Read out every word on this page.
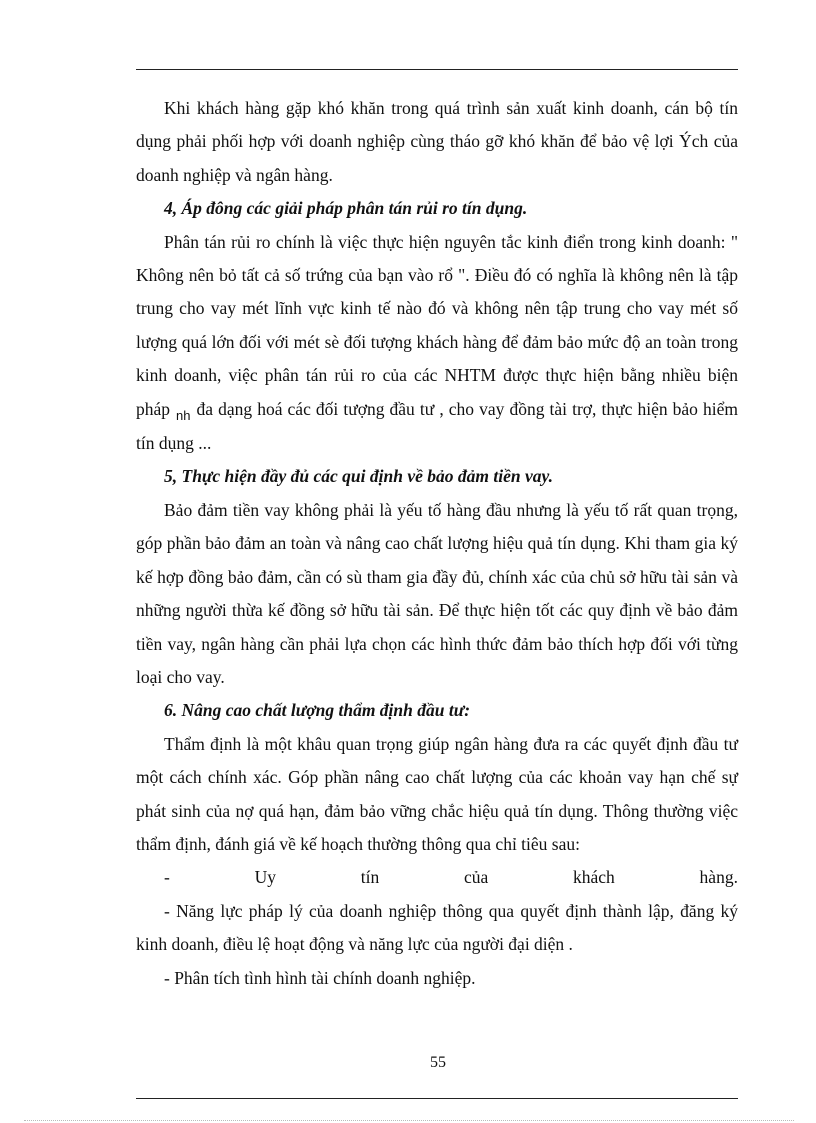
Khi khách hàng gặp khó khăn trong quá trình sản xuất kinh doanh, cán bộ tín dụng phải phối hợp với doanh nghiệp cùng tháo gỡ khó khăn để bảo vệ lợi Ých của doanh nghiệp và ngân hàng.

4, Áp đông các giải pháp phân tán rủi ro tín dụng.

Phân tán rủi ro chính là việc thực hiện nguyên tắc kinh điển trong kinh doanh: " Không nên bỏ tất cả số trứng của bạn vào rổ ". Điều đó có nghĩa là không nên là tập trung cho vay mét lĩnh vực kinh tế nào đó và không nên tập trung cho vay mét số lượng quá lớn đối với mét sè đối tượng khách hàng để đảm bảo mức độ an toàn trong kinh doanh, việc phân tán rủi ro của các NHTM được thực hiện bằng nhiều biện pháp $_{nh}$ đa dạng hoá các đối tượng đầu tư , cho vay đồng tài trợ, thực hiện bảo hiểm tín dụng ...

5, Thực hiện đầy đủ các qui định về bảo đảm tiền vay.

Bảo đảm tiền vay không phải là yếu tố hàng đầu nhưng là yếu tố rất quan trọng, góp phần bảo đảm an toàn và nâng cao chất lượng hiệu quả tín dụng. Khi tham gia ký kế hợp đồng bảo đảm, cần có sù tham gia đầy đủ, chính xác của chủ sở hữu tài sản và những người thừa kế đồng sở hữu tài sản. Để thực hiện tốt các quy định về bảo đảm tiền vay, ngân hàng cần phải lựa chọn các hình thức đảm bảo thích hợp đối với từng loại cho vay.

6. Nâng cao chất lượng thẩm định đầu tư:

Thẩm định là một khâu quan trọng giúp ngân hàng đưa ra các quyết định đầu tư một cách chính xác. Góp phần nâng cao chất lượng của các khoản vay hạn chế sự phát sinh của nợ quá hạn, đảm bảo vững chắc hiệu quả tín dụng. Thông thường việc thẩm định, đánh giá về kế hoạch thường thông qua chỉ tiêu sau:

-	Uy	tín	của	khách	hàng.

- Năng lực pháp lý của doanh nghiệp thông qua quyết định thành lập, đăng ký kinh doanh, điều lệ hoạt động và năng lực của người đại diện .

- Phân tích tình hình tài chính doanh nghiệp.

55
